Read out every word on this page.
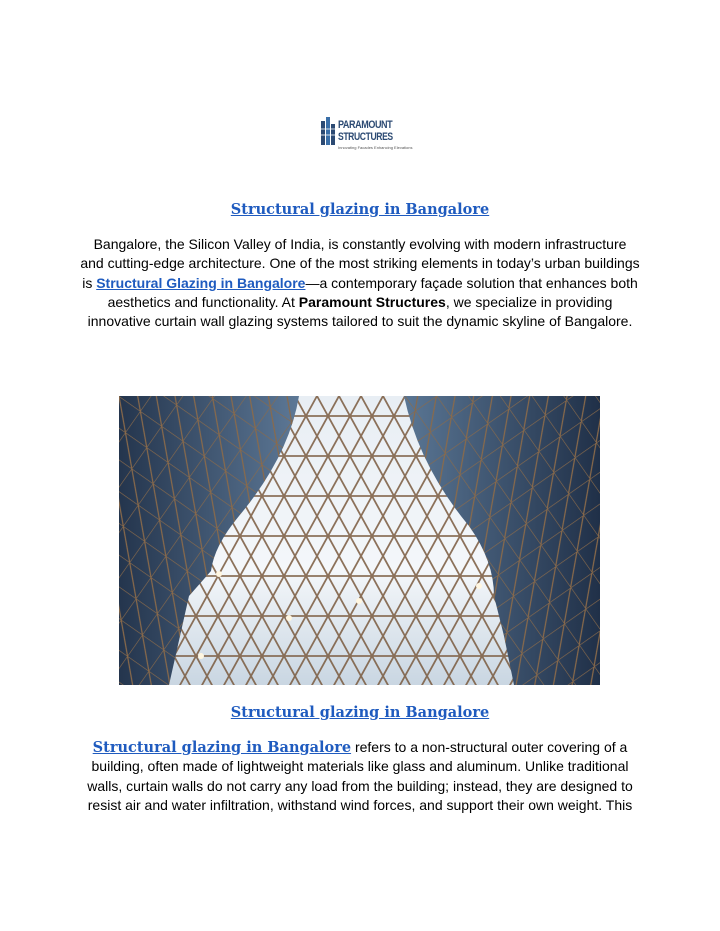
PARAMOUNT
STRUCTURES
Innovating Facades Enhancing Elevations
Structural glazing in Bangalore

Bangalore, the Silicon Valley of India, is constantly evolving with modern infrastructure and cutting-edge architecture. One of the most striking elements in today’s urban buildings is Structural Glazing in Bangalore—a contemporary façade solution that enhances both aesthetics and functionality. At Paramount Structures, we specialize in providing innovative curtain wall glazing systems tailored to suit the dynamic skyline of Bangalore.

Structural glazing in Bangalore

Structural glazing in Bangalore refers to a non-structural outer covering of a building, often made of lightweight materials like glass and aluminum. Unlike traditional walls, curtain walls do not carry any load from the building; instead, they are designed to resist air and water infiltration, withstand wind forces, and support their own weight. This
